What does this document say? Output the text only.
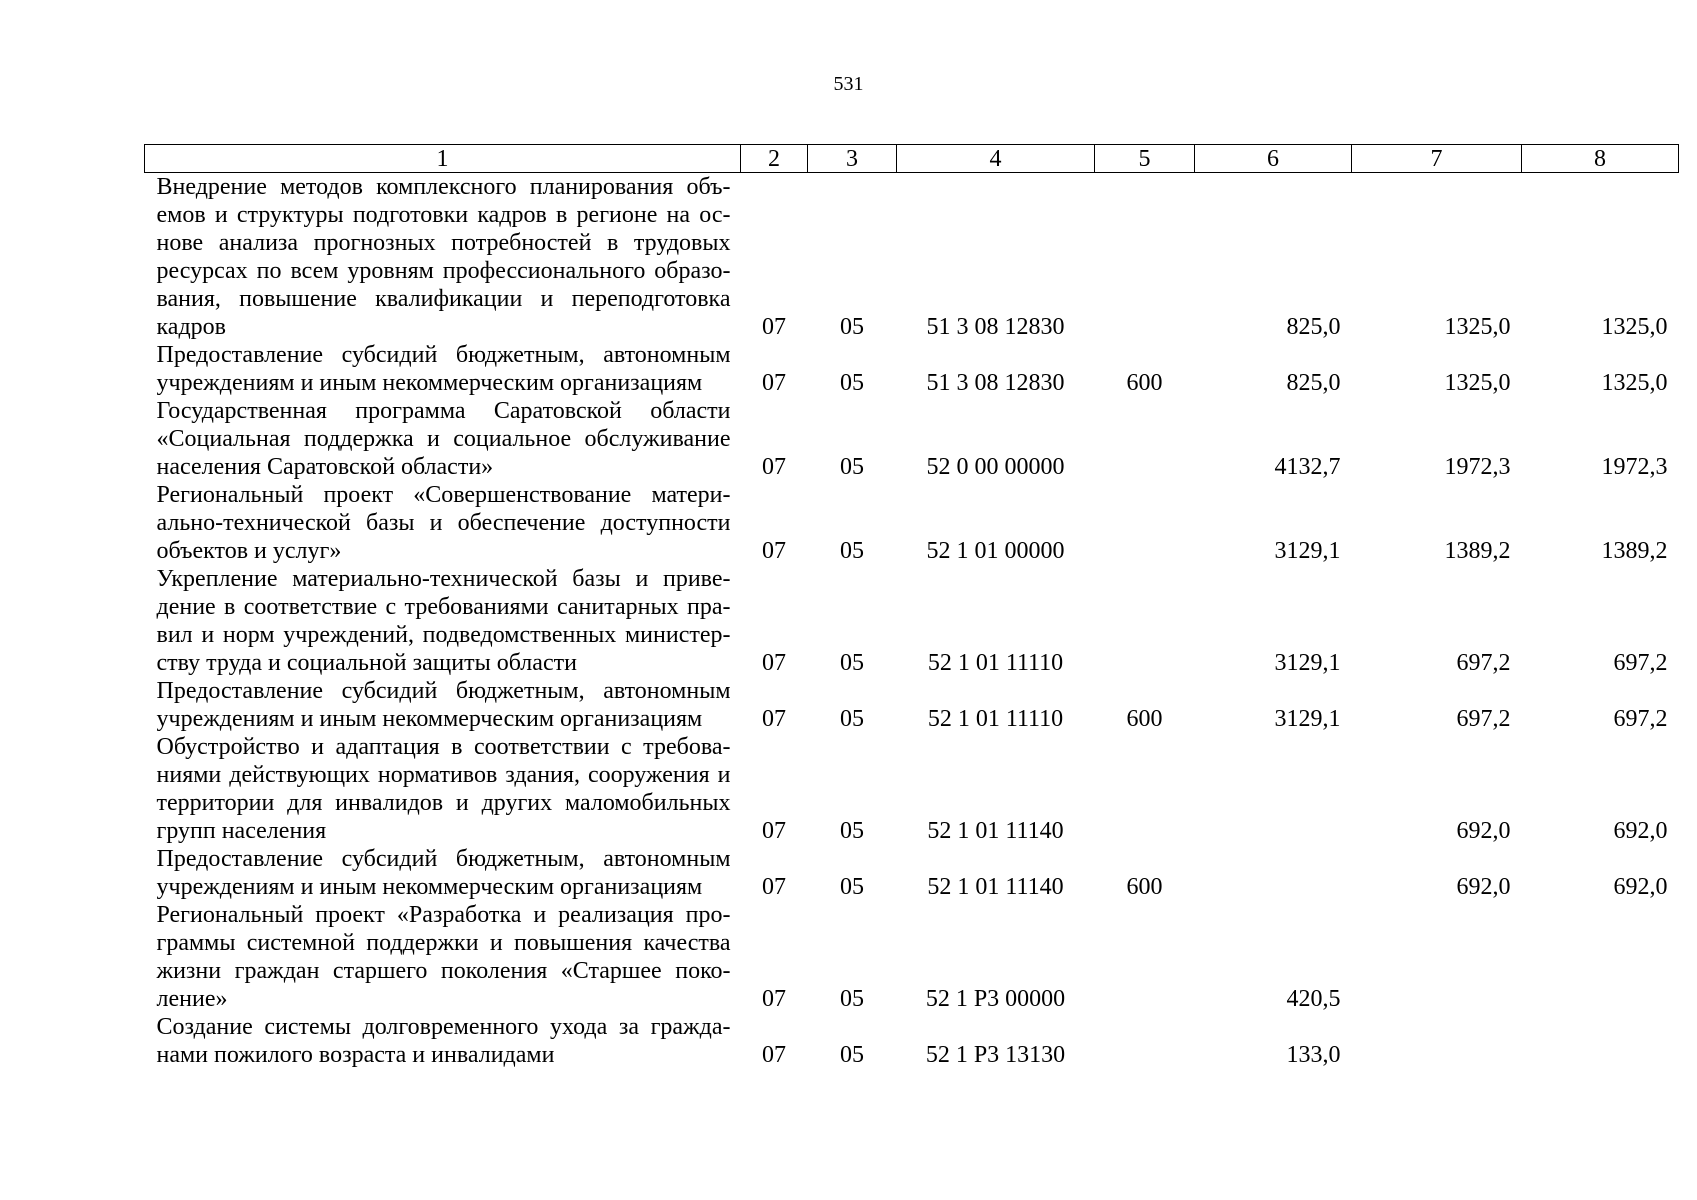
531
1	2	3	4	5	6	7	8
Внедрение методов комплексного планирования объ-емов и структуры подготовки кадров в регионе на ос-нове анализа прогнозных потребностей в трудовых ресурсах по всем уровням профессионального образо-вания, повышение квалификации и переподготовка кадров	07	05	51 3 08 12830		825,0	1325,0	1325,0
Предоставление субсидий бюджетным, автономным учреждениям и иным некоммерческим организациям	07	05	51 3 08 12830	600	825,0	1325,0	1325,0
Государственная программа Саратовской области «Социальная поддержка и социальное обслуживание населения Саратовской области»	07	05	52 0 00 00000		4132,7	1972,3	1972,3
Региональный проект «Совершенствование матери-ально-технической базы и обеспечение доступности объектов и услуг»	07	05	52 1 01 00000		3129,1	1389,2	1389,2
Укрепление материально-технической базы и приве-дение в соответствие с требованиями санитарных пра-вил и норм учреждений, подведомственных министер-ству труда и социальной защиты области	07	05	52 1 01 11110		3129,1	697,2	697,2
Предоставление субсидий бюджетным, автономным учреждениям и иным некоммерческим организациям	07	05	52 1 01 11110	600	3129,1	697,2	697,2
Обустройство и адаптация в соответствии с требова-ниями действующих нормативов здания, сооружения и территории для инвалидов и других маломобильных групп населения	07	05	52 1 01 11140			692,0	692,0
Предоставление субсидий бюджетным, автономным учреждениям и иным некоммерческим организациям	07	05	52 1 01 11140	600		692,0	692,0
Региональный проект «Разработка и реализация про-граммы системной поддержки и повышения качества жизни граждан старшего поколения «Старшее поко-ление»	07	05	52 1 P3 00000		420,5		
Создание системы долговременного ухода за гражда-нами пожилого возраста и инвалидами	07	05	52 1 P3 13130		133,0		
